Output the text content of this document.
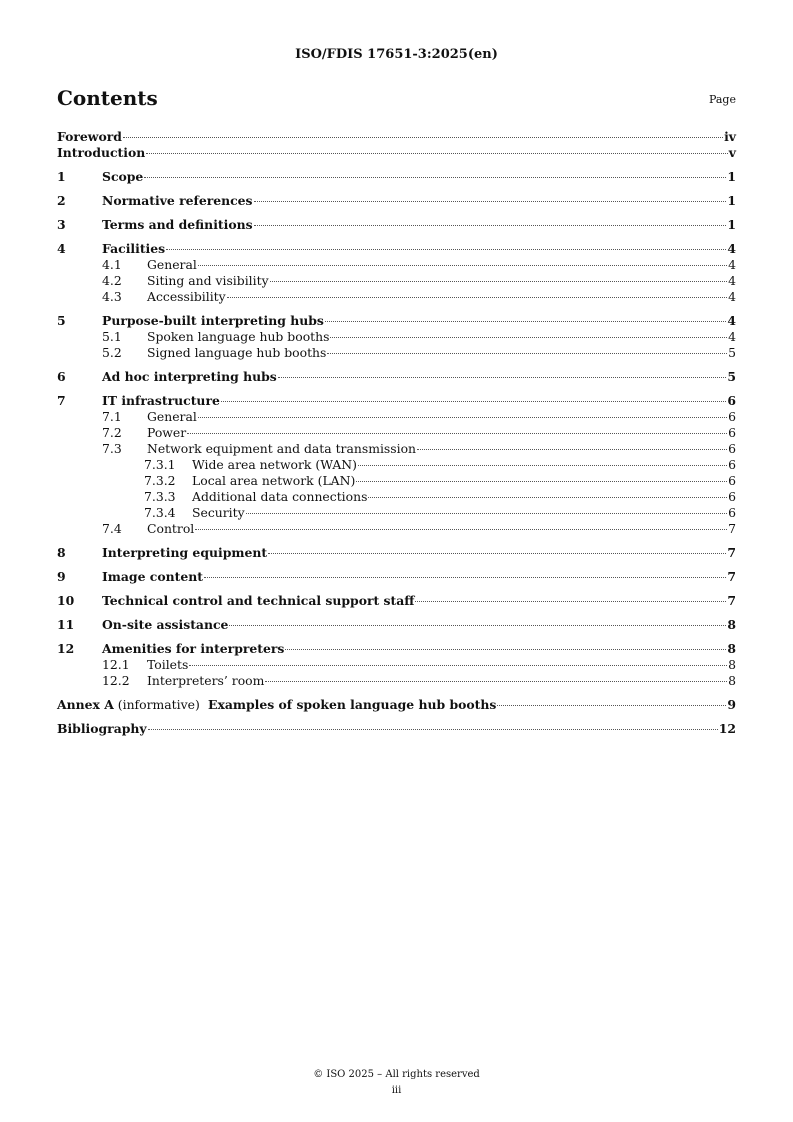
ISO/FDIS 17651-3:2025(en)
Contents	Page
Foreword	iv
Introduction	v
1	Scope	1
2	Normative references	1
3	Terms and definitions	1
4	Facilities	4
4.1	General	4
4.2	Siting and visibility	4
4.3	Accessibility	4
5	Purpose-built interpreting hubs	4
5.1	Spoken language hub booths	4
5.2	Signed language hub booths	5
6	Ad hoc interpreting hubs	5
7	IT infrastructure	6
7.1	General	6
7.2	Power	6
7.3	Network equipment and data transmission	6
7.3.1	Wide area network (WAN)	6
7.3.2	Local area network (LAN)	6
7.3.3	Additional data connections	6
7.3.4	Security	6
7.4	Control	7
8	Interpreting equipment	7
9	Image content	7
10	Technical control and technical support staff	7
11	On-site assistance	8
12	Amenities for interpreters	8
12.1	Toilets	8
12.2	Interpreters’ room	8
Annex A (informative)  Examples of spoken language hub booths	9
Bibliography	12
© ISO 2025 – All rights reserved
iii
